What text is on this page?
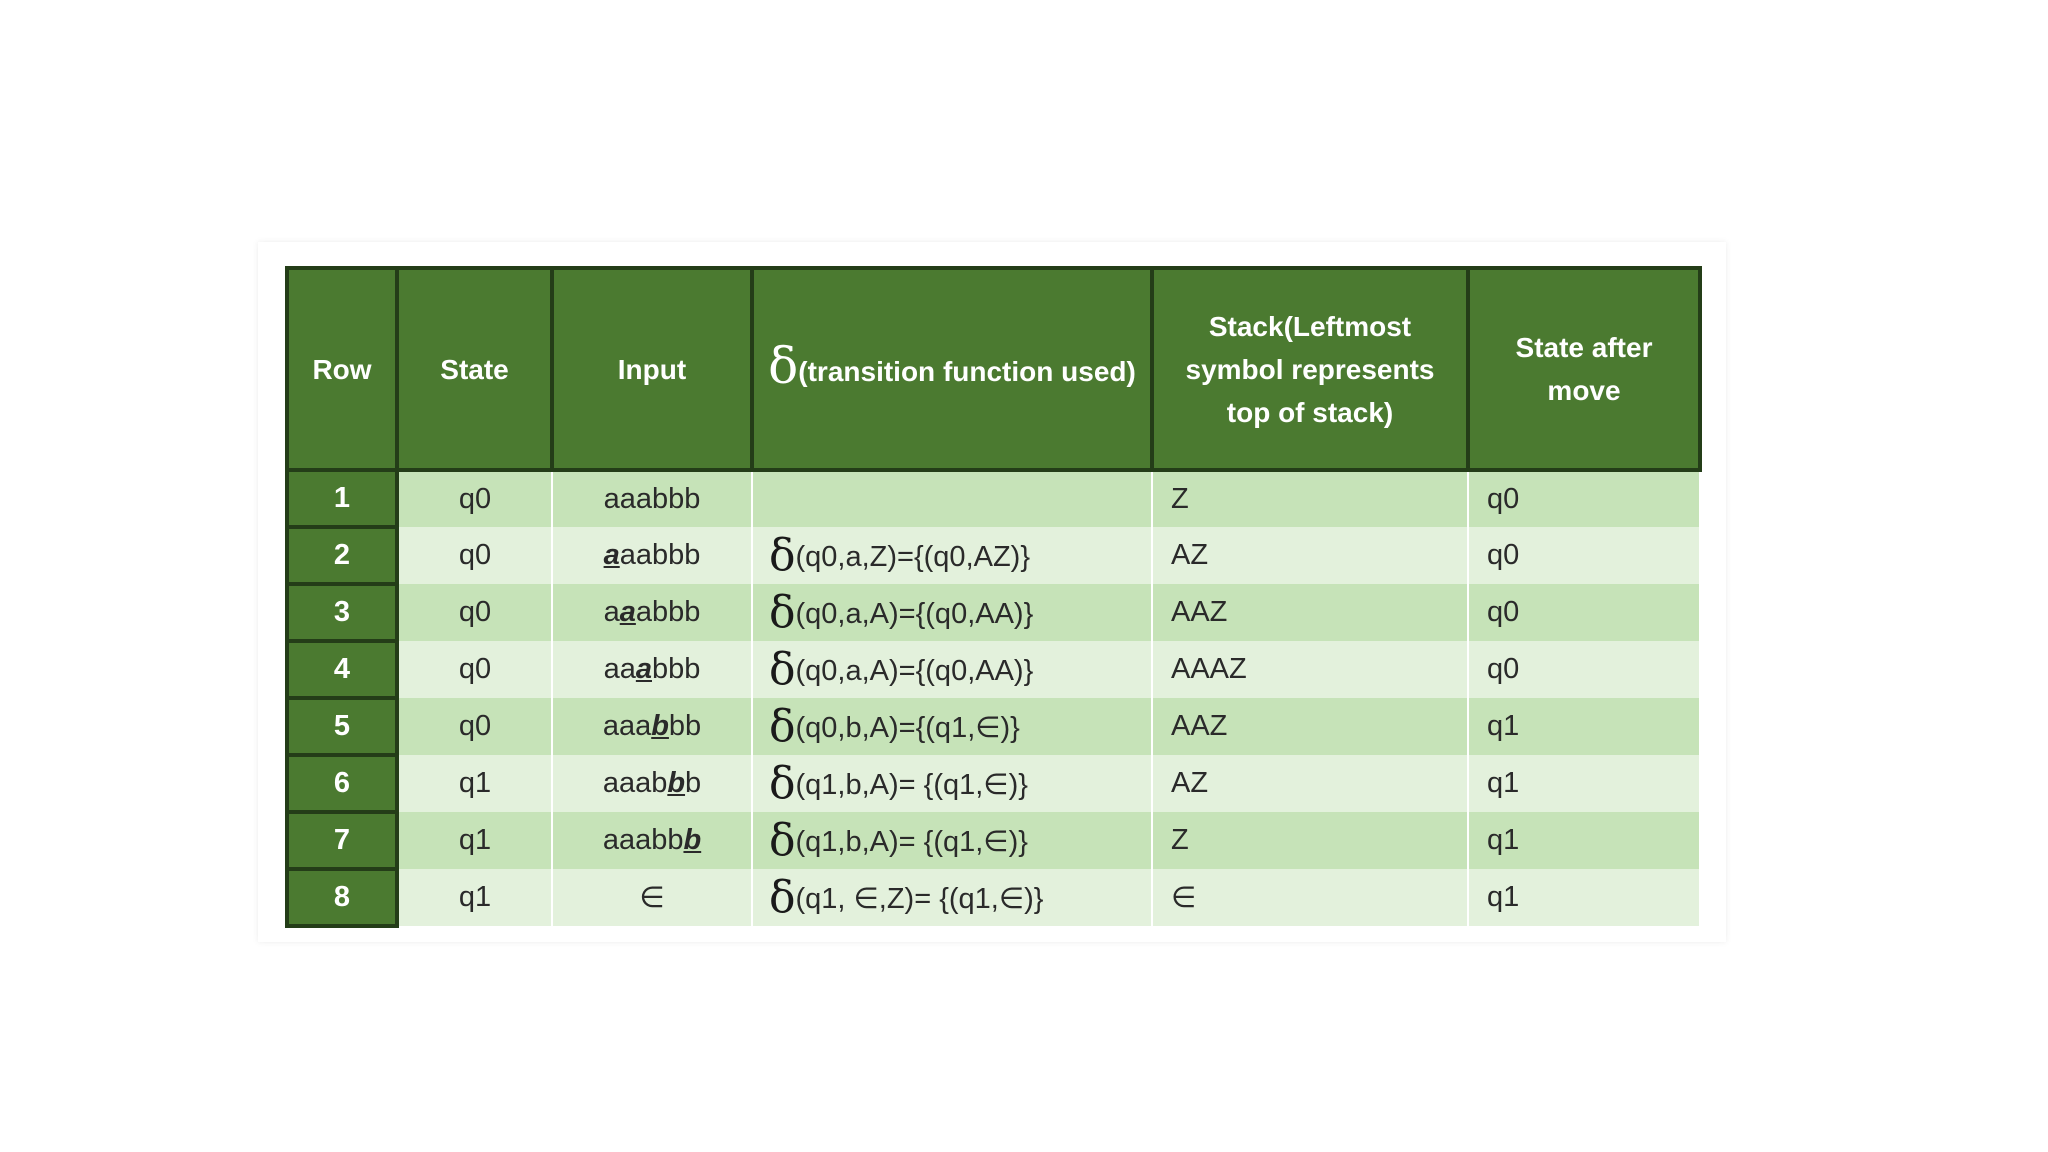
Row	State	Input	δ(transition function used)	Stack(Leftmost symbol represents top of stack)	State after move
1	q0	aaabbb		Z	q0
2	q0	aaabbb	δ(q0,a,Z)={(q0,AZ)}	AZ	q0
3	q0	aaabbb	δ(q0,a,A)={(q0,AA)}	AAZ	q0
4	q0	aaabbb	δ(q0,a,A)={(q0,AA)}	AAAZ	q0
5	q0	aaabbb	δ(q0,b,A)={(q1,∈)}	AAZ	q1
6	q1	aaabbb	δ(q1,b,A)= {(q1,∈)}	AZ	q1
7	q1	aaabbb	δ(q1,b,A)= {(q1,∈)}	Z	q1
8	q1	∈	δ(q1, ∈,Z)= {(q1,∈)}	∈	q1
